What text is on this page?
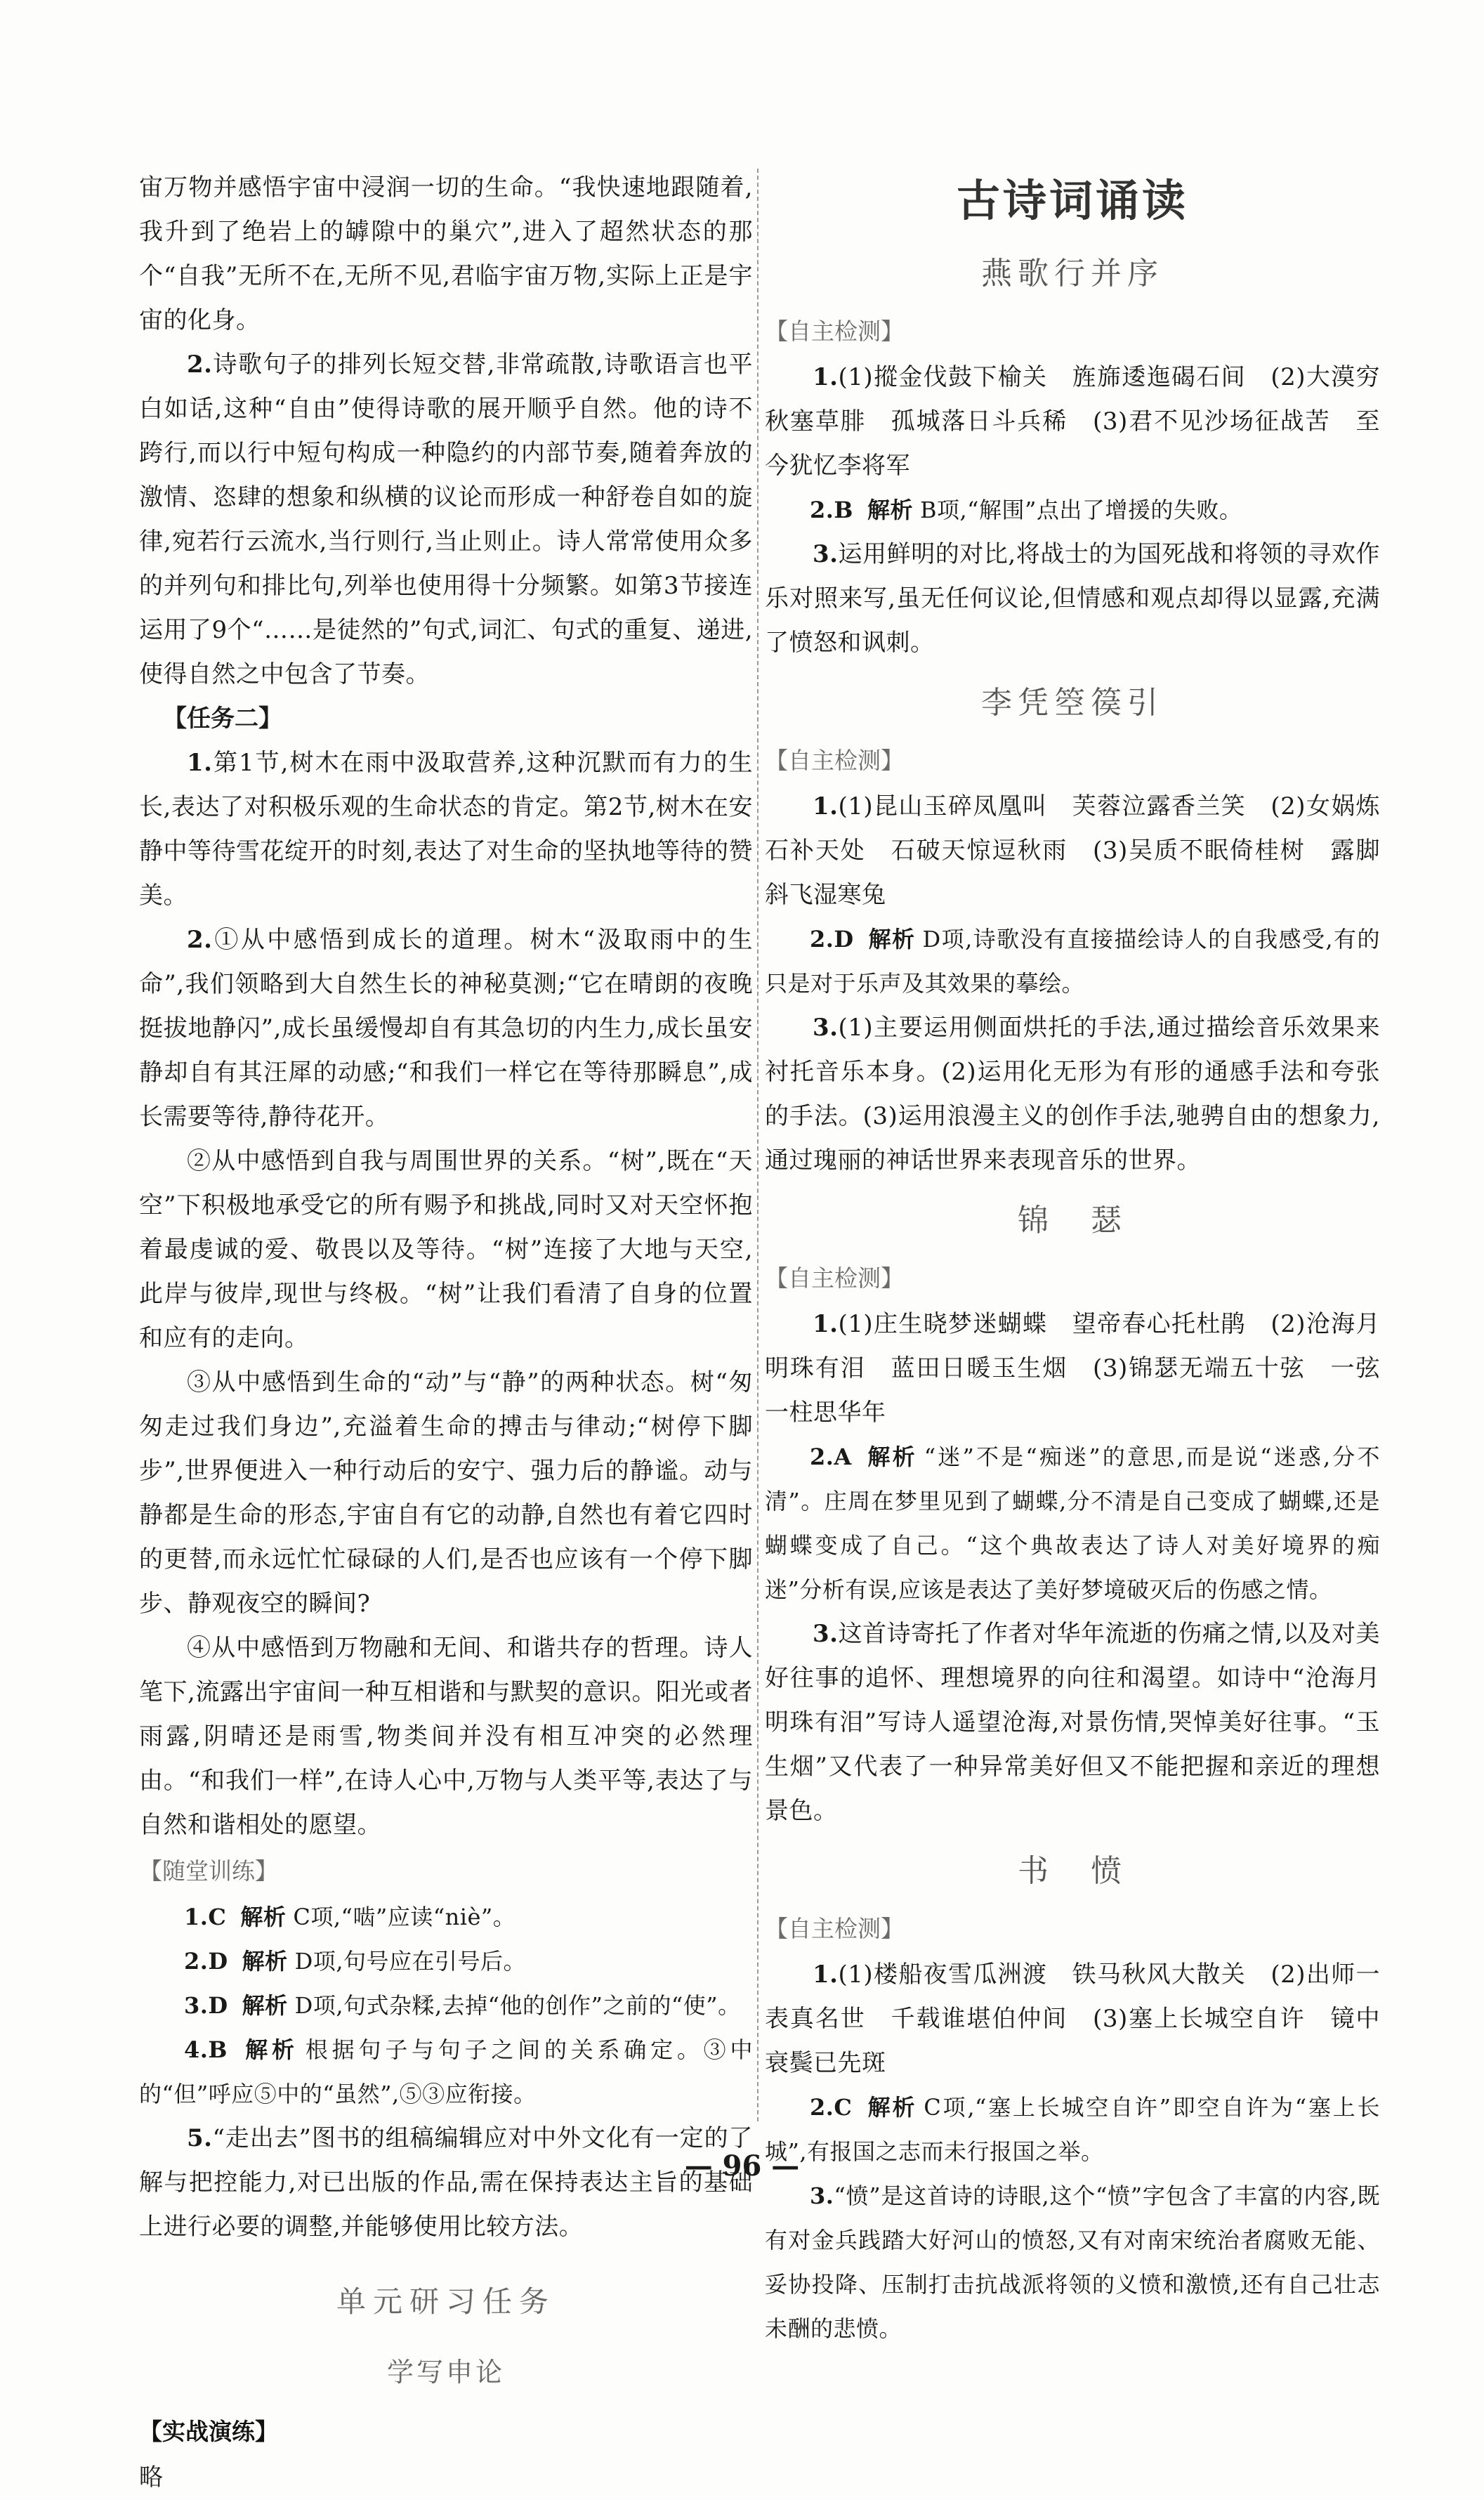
宙万物并感悟宇宙中浸润一切的生命。“我快速地跟随着,我升到了绝岩上的罅隙中的巢穴”,进入了超然状态的那个“自我”无所不在,无所不见,君临宇宙万物,实际上正是宇宙的化身。

2.诗歌句子的排列长短交替,非常疏散,诗歌语言也平白如话,这种“自由”使得诗歌的展开顺乎自然。他的诗不跨行,而以行中短句构成一种隐约的内部节奏,随着奔放的激情、恣肆的想象和纵横的议论而形成一种舒卷自如的旋律,宛若行云流水,当行则行,当止则止。诗人常常使用众多的并列句和排比句,列举也使用得十分频繁。如第3节接连运用了9个“……是徒然的”句式,词汇、句式的重复、递进,使得自然之中包含了节奏。

【任务二】

1.第1节,树木在雨中汲取营养,这种沉默而有力的生长,表达了对积极乐观的生命状态的肯定。第2节,树木在安静中等待雪花绽开的时刻,表达了对生命的坚执地等待的赞美。

2.①从中感悟到成长的道理。树木“汲取雨中的生命”,我们领略到大自然生长的神秘莫测;“它在晴朗的夜晚挺拔地静闪”,成长虽缓慢却自有其急切的内生力,成长虽安静却自有其汪犀的动感;“和我们一样它在等待那瞬息”,成长需要等待,静待花开。

②从中感悟到自我与周围世界的关系。“树”,既在“天空”下积极地承受它的所有赐予和挑战,同时又对天空怀抱着最虔诚的爱、敬畏以及等待。“树”连接了大地与天空,此岸与彼岸,现世与终极。“树”让我们看清了自身的位置和应有的走向。

③从中感悟到生命的“动”与“静”的两种状态。树“匆匆走过我们身边”,充溢着生命的搏击与律动;“树停下脚步”,世界便进入一种行动后的安宁、强力后的静谧。动与静都是生命的形态,宇宙自有它的动静,自然也有着它四时的更替,而永远忙忙碌碌的人们,是否也应该有一个停下脚步、静观夜空的瞬间?

④从中感悟到万物融和无间、和谐共存的哲理。诗人笔下,流露出宇宙间一种互相谐和与默契的意识。阳光或者雨露,阴晴还是雨雪,物类间并没有相互冲突的必然理由。“和我们一样”,在诗人心中,万物与人类平等,表达了与自然和谐相处的愿望。

【随堂训练】

1.C 解析 C项,“啮”应读“niè”。

2.D 解析 D项,句号应在引号后。

3.D 解析 D项,句式杂糅,去掉“他的创作”之前的“使”。

4.B 解析 根据句子与句子之间的关系确定。③中的“但”呼应⑤中的“虽然”,⑤③应衔接。

5.“走出去”图书的组稿编辑应对中外文化有一定的了解与把控能力,对已出版的作品,需在保持表达主旨的基础上进行必要的调整,并能够使用比较方法。

单元研习任务

学写申论

【实战演练】

略

古诗词诵读

燕歌行并序

【自主检测】

1.(1)摐金伐鼓下榆关　旌旆逶迤碣石间　(2)大漠穷秋塞草腓　孤城落日斗兵稀　(3)君不见沙场征战苦　至今犹忆李将军

2.B 解析 B项,“解围”点出了增援的失败。

3.运用鲜明的对比,将战士的为国死战和将领的寻欢作乐对照来写,虽无任何议论,但情感和观点却得以显露,充满了愤怒和讽刺。

李凭箜篌引

【自主检测】

1.(1)昆山玉碎凤凰叫　芙蓉泣露香兰笑　(2)女娲炼石补天处　石破天惊逗秋雨　(3)吴质不眠倚桂树　露脚斜飞湿寒兔

2.D 解析 D项,诗歌没有直接描绘诗人的自我感受,有的只是对于乐声及其效果的摹绘。

3.(1)主要运用侧面烘托的手法,通过描绘音乐效果来衬托音乐本身。(2)运用化无形为有形的通感手法和夸张的手法。(3)运用浪漫主义的创作手法,驰骋自由的想象力,通过瑰丽的神话世界来表现音乐的世界。

锦　瑟

【自主检测】

1.(1)庄生晓梦迷蝴蝶　望帝春心托杜鹃　(2)沧海月明珠有泪　蓝田日暖玉生烟　(3)锦瑟无端五十弦　一弦一柱思华年

2.A 解析 “迷”不是“痴迷”的意思,而是说“迷惑,分不清”。庄周在梦里见到了蝴蝶,分不清是自己变成了蝴蝶,还是蝴蝶变成了自己。“这个典故表达了诗人对美好境界的痴迷”分析有误,应该是表达了美好梦境破灭后的伤感之情。

3.这首诗寄托了作者对华年流逝的伤痛之情,以及对美好往事的追怀、理想境界的向往和渴望。如诗中“沧海月明珠有泪”写诗人遥望沧海,对景伤情,哭悼美好往事。“玉生烟”又代表了一种异常美好但又不能把握和亲近的理想景色。

书　愤

【自主检测】

1.(1)楼船夜雪瓜洲渡　铁马秋风大散关　(2)出师一表真名世　千载谁堪伯仲间　(3)塞上长城空自许　镜中衰鬓已先斑

2.C 解析 C项,“塞上长城空自许”即空自许为“塞上长城”,有报国之志而未行报国之举。

3.“愤”是这首诗的诗眼,这个“愤”字包含了丰富的内容,既有对金兵践踏大好河山的愤怒,又有对南宋统治者腐败无能、妥协投降、压制打击抗战派将领的义愤和激愤,还有自己壮志未酬的悲愤。

— 96 —
